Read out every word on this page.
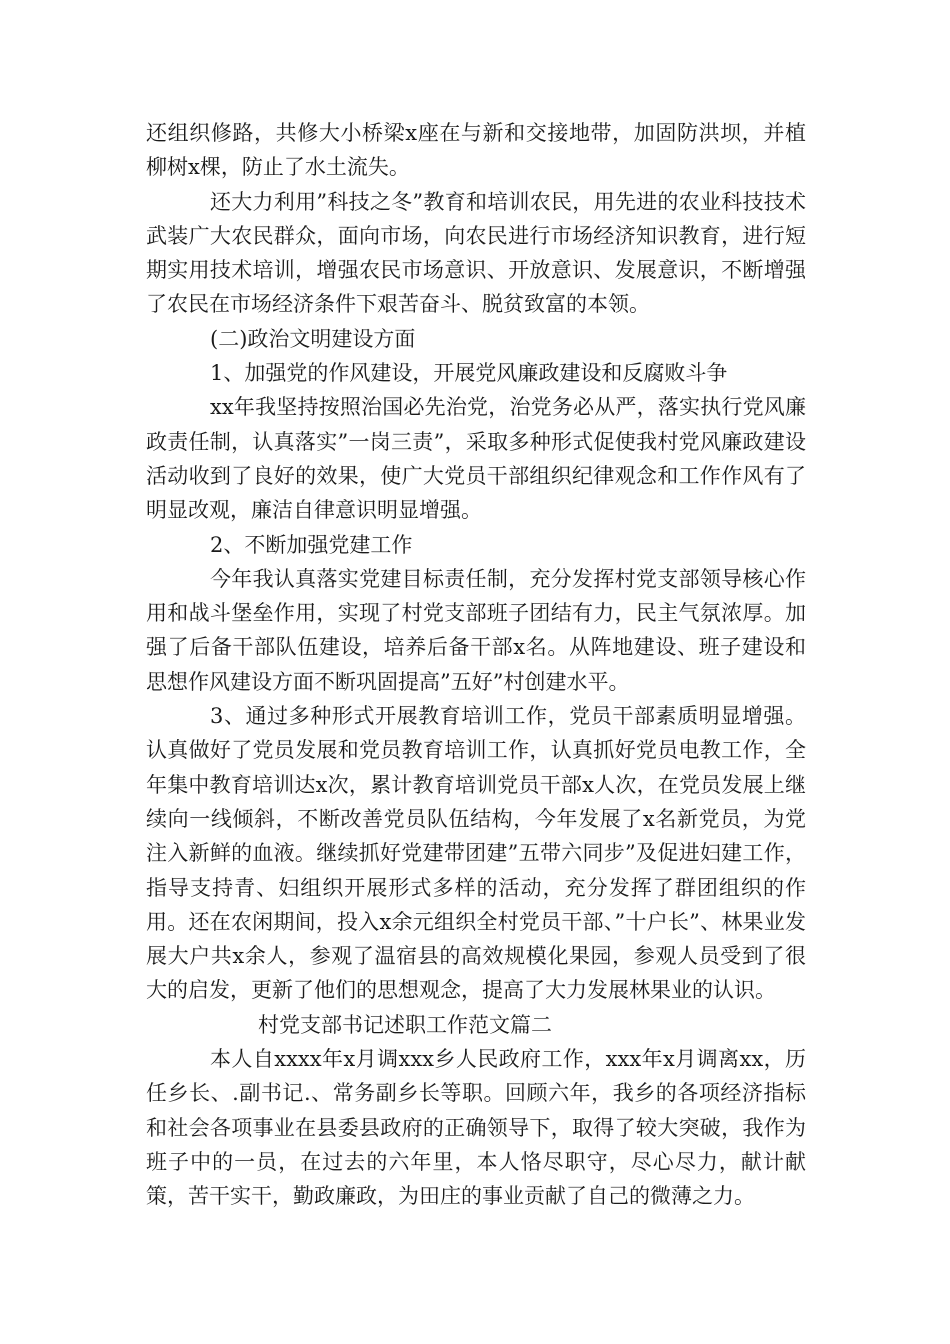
还组织修路，共修大小桥梁x座在与新和交接地带，加固防洪坝，并植柳树x棵，防止了水土流失。

还大力利用”科技之冬”教育和培训农民，用先进的农业科技技术武装广大农民群众，面向市场，向农民进行市场经济知识教育，进行短期实用技术培训，增强农民市场意识、开放意识、发展意识，不断增强了农民在市场经济条件下艰苦奋斗、脱贫致富的本领。

(二)政治文明建设方面

1、加强党的作风建设，开展党风廉政建设和反腐败斗争

xx年我坚持按照治国必先治党，治党务必从严，落实执行党风廉政责任制，认真落实”一岗三责”，采取多种形式促使我村党风廉政建设活动收到了良好的效果，使广大党员干部组织纪律观念和工作作风有了明显改观，廉洁自律意识明显增强。

2、不断加强党建工作

今年我认真落实党建目标责任制，充分发挥村党支部领导核心作用和战斗堡垒作用，实现了村党支部班子团结有力，民主气氛浓厚。加强了后备干部队伍建设，培养后备干部x名。从阵地建设、班子建设和思想作风建设方面不断巩固提高”五好”村创建水平。

3、通过多种形式开展教育培训工作，党员干部素质明显增强。认真做好了党员发展和党员教育培训工作，认真抓好党员电教工作，全年集中教育培训达x次，累计教育培训党员干部x人次，在党员发展上继续向一线倾斜，不断改善党员队伍结构，今年发展了x名新党员，为党注入新鲜的血液。继续抓好党建带团建”五带六同步”及促进妇建工作，指导支持青、妇组织开展形式多样的活动，充分发挥了群团组织的作用。还在农闲期间，投入x余元组织全村党员干部、”十户长”、林果业发展大户共x余人，参观了温宿县的高效规模化果园，参观人员受到了很大的启发，更新了他们的思想观念，提高了大力发展林果业的认识。

村党支部书记述职工作范文篇二

本人自xxxx年x月调xxx乡人民政府工作，xxx年x月调离xx，历任乡长、.副书记.、常务副乡长等职。回顾六年，我乡的各项经济指标和社会各项事业在县委县政府的正确领导下，取得了较大突破，我作为班子中的一员，在过去的六年里，本人恪尽职守，尽心尽力，献计献策，苦干实干，勤政廉政，为田庄的事业贡献了自己的微薄之力。
